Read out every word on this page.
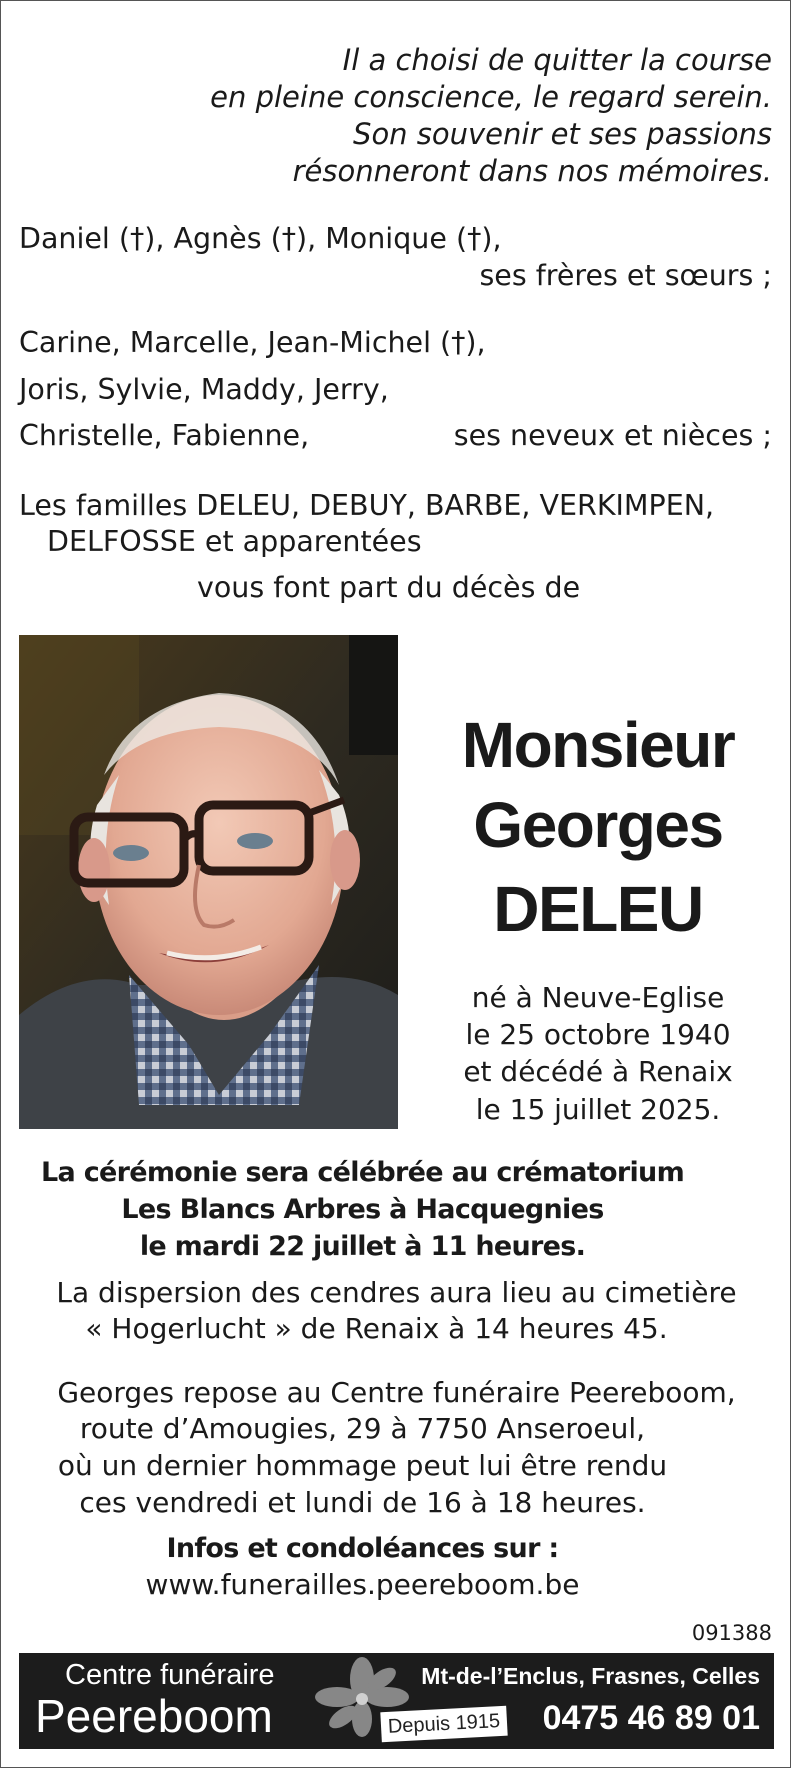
Il a choisi de quitter la course
en pleine conscience, le regard serein.
Son souvenir et ses passions
résonneront dans nos mémoires.
Daniel (†), Agnès (†), Monique (†),
ses frères et sœurs ;
Carine, Marcelle, Jean-Michel (†),
Joris, Sylvie, Maddy, Jerry,
Christelle, Fabienne,	ses neveux et nièces ;
Les familles DELEU, DEBUY, BARBE, VERKIMPEN,
DELFOSSE et apparentées
vous font part du décès de
Monsieur
Georges
DELEU
né à Neuve-Eglise
le 25 octobre 1940
et décédé à Renaix
le 15 juillet 2025.
La cérémonie sera célébrée au crématorium
Les Blancs Arbres à Hacquegnies
le mardi 22 juillet à 11 heures.
La dispersion des cendres aura lieu au cimetière
« Hogerlucht » de Renaix à 14 heures 45.
Georges repose au Centre funéraire Peereboom,
route d’Amougies, 29 à 7750 Anseroeul,
où un dernier hommage peut lui être rendu
ces vendredi et lundi de 16 à 18 heures.
Infos et condoléances sur :
www.funerailles.peereboom.be
091388
Centre funéraire
Peereboom	Depuis 1915
Mt-de-l’Enclus, Frasnes, Celles
0475 46 89 01
